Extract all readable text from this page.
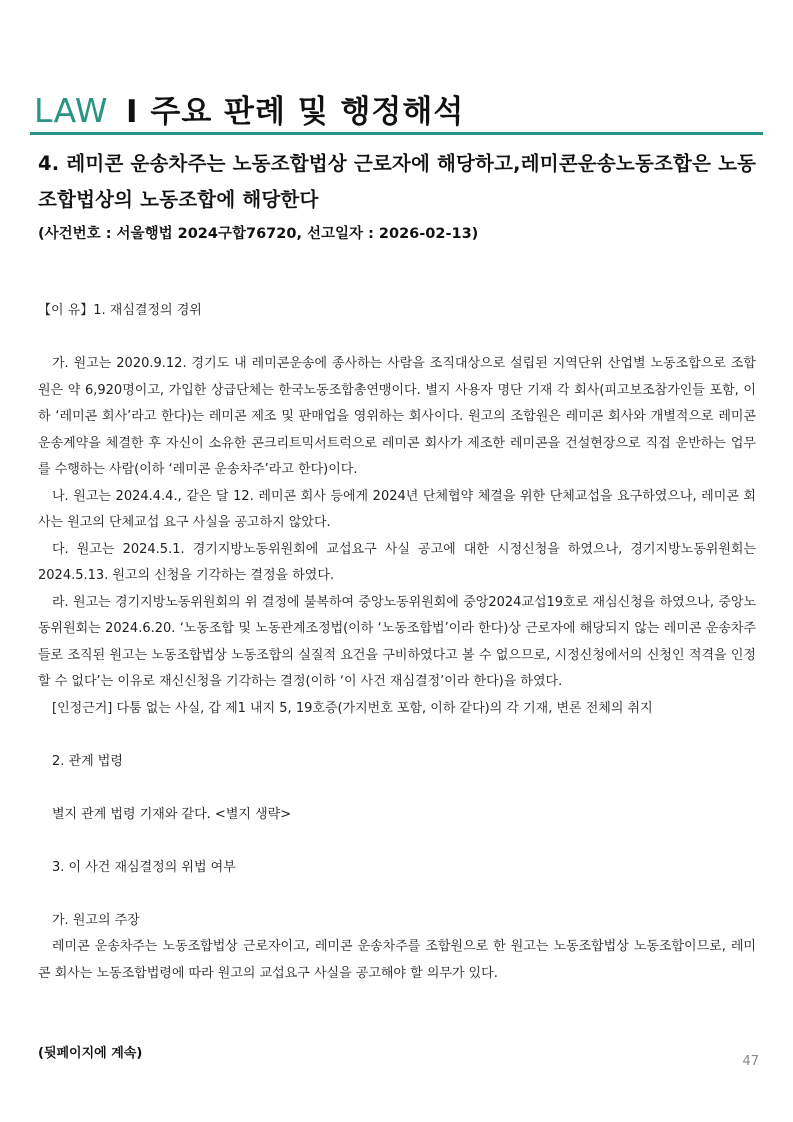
LAW I 주요 판례 및 행정해석
4. 레미콘 운송차주는 노동조합법상 근로자에 해당하고,레미콘운송노동조합은 노동조합법상의 노동조합에 해당한다
(사건번호 : 서울행법 2024구합76720, 선고일자 : 2026-02-13)

【이 유】1. 재심결정의 경위

가. 원고는 2020.9.12. 경기도 내 레미콘운송에 종사하는 사람을 조직대상으로 설립된 지역단위 산업별 노동조합으로 조합원은 약 6,920명이고, 가입한 상급단체는 한국노동조합총연맹이다. 별지 사용자 명단 기재 각 회사(피고보조참가인들 포함, 이하 ‘레미콘 회사’라고 한다)는 레미콘 제조 및 판매업을 영위하는 회사이다. 원고의 조합원은 레미콘 회사와 개별적으로 레미콘 운송계약을 체결한 후 자신이 소유한 콘크리트믹서트럭으로 레미콘 회사가 제조한 레미콘을 건설현장으로 직접 운반하는 업무를 수행하는 사람(이하 ‘레미콘 운송차주’라고 한다)이다.

나. 원고는 2024.4.4., 같은 달 12. 레미콘 회사 등에게 2024년 단체협약 체결을 위한 단체교섭을 요구하였으나, 레미콘 회사는 원고의 단체교섭 요구 사실을 공고하지 않았다.

다. 원고는 2024.5.1. 경기지방노동위원회에 교섭요구 사실 공고에 대한 시정신청을 하였으나, 경기지방노동위원회는 2024.5.13. 원고의 신청을 기각하는 결정을 하였다.

라. 원고는 경기지방노동위원회의 위 결정에 불복하여 중앙노동위원회에 중앙2024교섭19호로 재심신청을 하였으나, 중앙노동위원회는 2024.6.20. ‘노동조합 및 노동관계조정법(이하 ‘노동조합법’이라 한다)상 근로자에 해당되지 않는 레미콘 운송차주들로 조직된 원고는 노동조합법상 노동조합의 실질적 요건을 구비하였다고 볼 수 없으므로, 시정신청에서의 신청인 적격을 인정할 수 없다’는 이유로 재신신청을 기각하는 결정(이하 ‘이 사건 재심결정’이라 한다)을 하였다.

[인정근거] 다툼 없는 사실, 갑 제1 내지 5, 19호증(가지번호 포함, 이하 같다)의 각 기재, 변론 전체의 취지

2. 관계 법령

별지 관계 법령 기재와 같다. <별지 생략>

3. 이 사건 재심결정의 위법 여부

가. 원고의 주장

레미콘 운송차주는 노동조합법상 근로자이고, 레미콘 운송차주를 조합원으로 한 원고는 노동조합법상 노동조합이므로, 레미콘 회사는 노동조합법령에 따라 원고의 교섭요구 사실을 공고해야 할 의무가 있다.

(뒷페이지에 계속)
47
